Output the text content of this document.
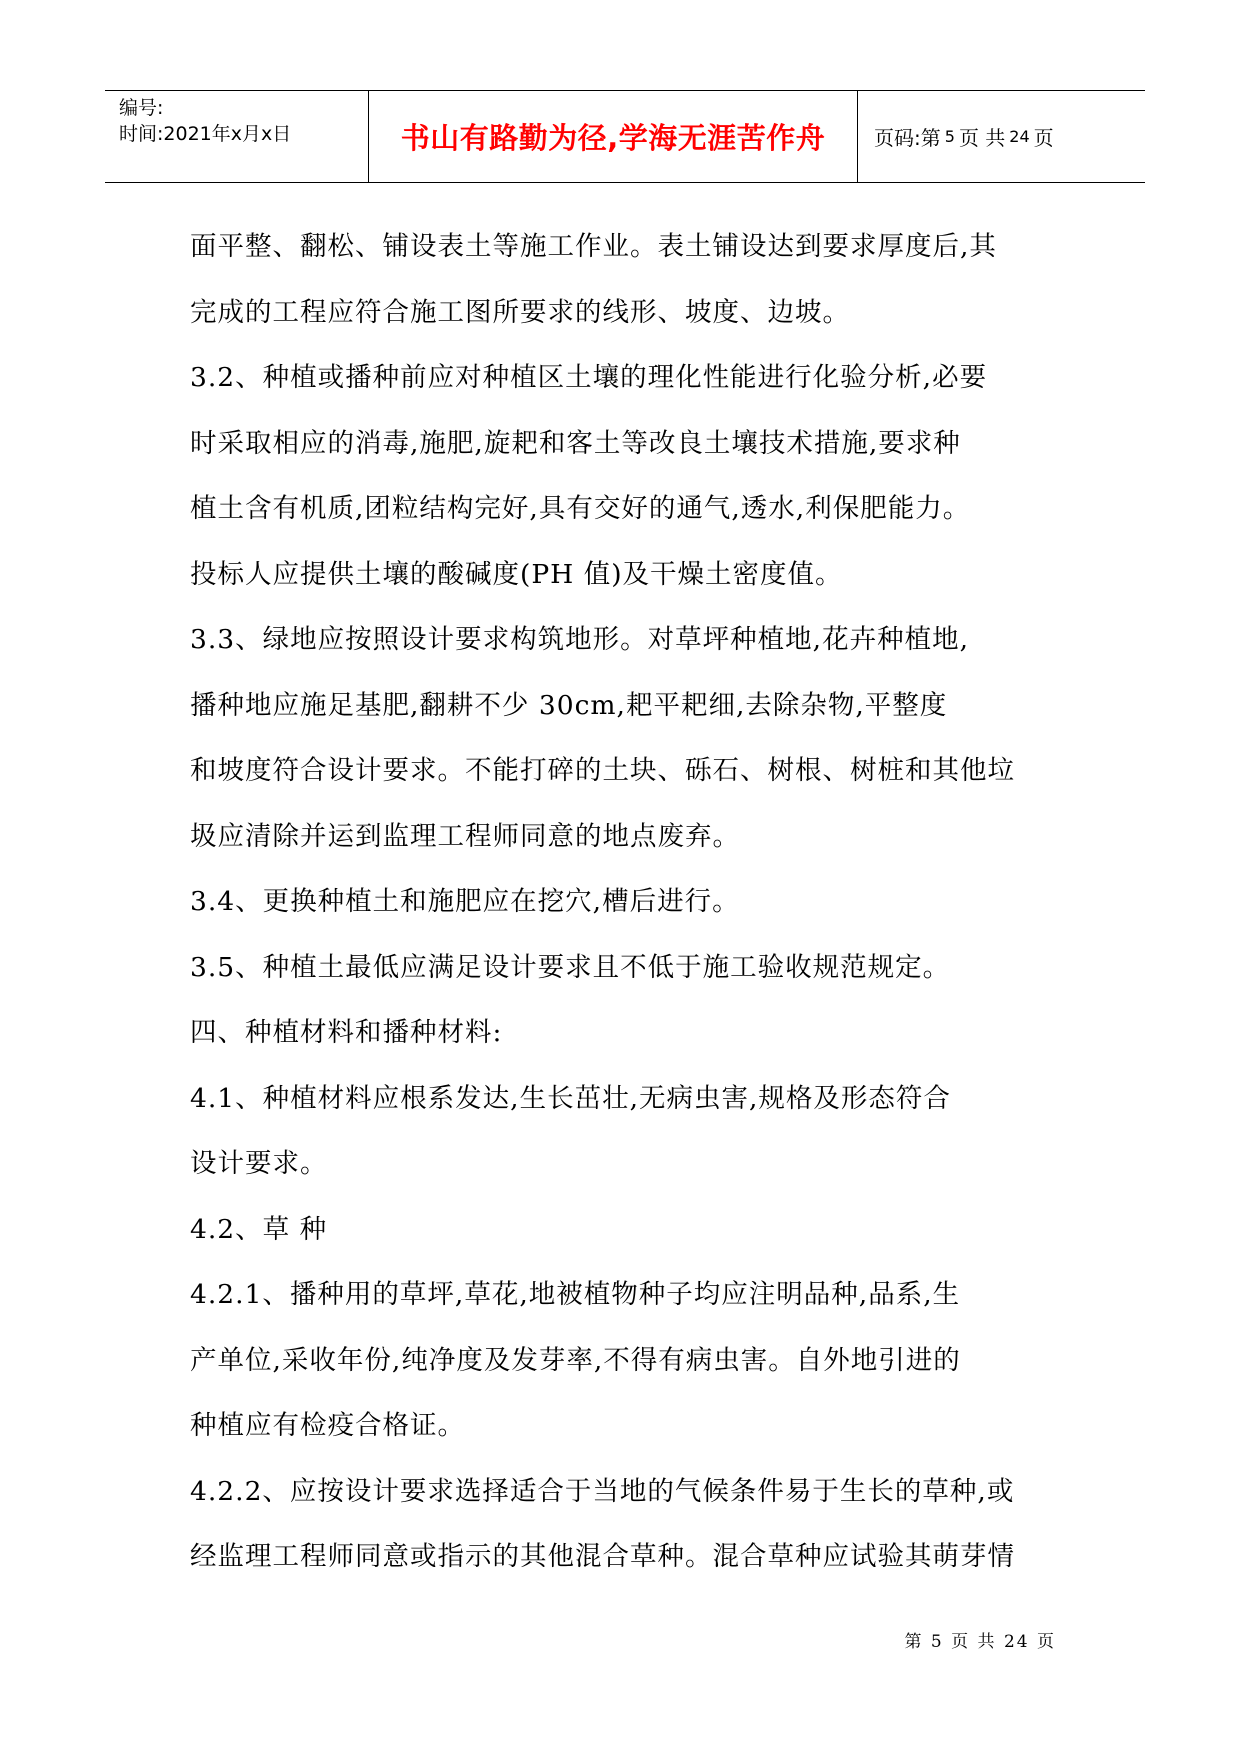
编号:
时间:2021年x月x日	书山有路勤为径,学海无涯苦作舟 页码:第 5 页 共 24 页

面平整、翻松、铺设表土等施工作业。表土铺设达到要求厚度后,其

完成的工程应符合施工图所要求的线形、坡度、边坡。

3.2、种植或播种前应对种植区土壤的理化性能进行化验分析,必要

时采取相应的消毒,施肥,旋耙和客土等改良土壤技术措施,要求种

植土含有机质,团粒结构完好,具有交好的通气,透水,利保肥能力。

投标人应提供土壤的酸碱度(PH 值)及干燥土密度值。

3.3、绿地应按照设计要求构筑地形。对草坪种植地,花卉种植地,

播种地应施足基肥,翻耕不少 30cm,耙平耙细,去除杂物,平整度

和坡度符合设计要求。不能打碎的土块、砾石、树根、树桩和其他垃

圾应清除并运到监理工程师同意的地点废弃。

3.4、更换种植土和施肥应在挖穴,槽后进行。

3.5、种植土最低应满足设计要求且不低于施工验收规范规定。

四、种植材料和播种材料:

4.1、种植材料应根系发达,生长茁壮,无病虫害,规格及形态符合

设计要求。

4.2、草 种

4.2.1、播种用的草坪,草花,地被植物种子均应注明品种,品系,生

产单位,采收年份,纯净度及发芽率,不得有病虫害。自外地引进的

种植应有检疫合格证。

4.2.2、应按设计要求选择适合于当地的气候条件易于生长的草种,或

经监理工程师同意或指示的其他混合草种。混合草种应试验其萌芽情

第 5 页 共 24 页
